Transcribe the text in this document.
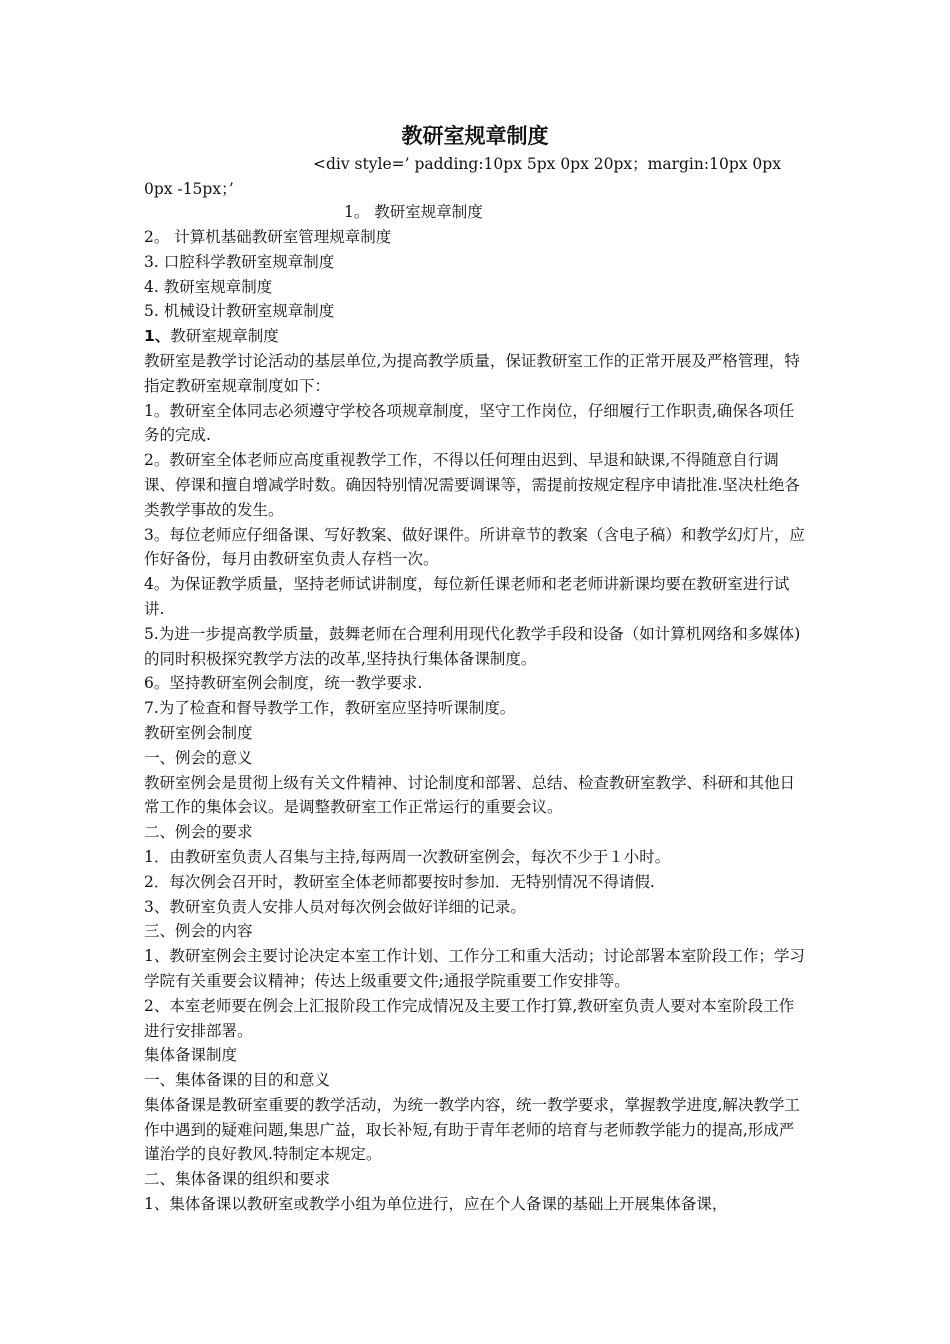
教研室规章制度
<div style=’ padding:10px 5px 0px 20px；margin:10px 0px
0px -15px；’
1。 教研室规章制度

2。 计算机基础教研室管理规章制度

3. 口腔科学教研室规章制度

4. 教研室规章制度

5. 机械设计教研室规章制度

1、教研室规章制度

教研室是教学讨论活动的基层单位,为提高教学质量，保证教研室工作的正常开展及严格管理，特指定教研室规章制度如下：

1。教研室全体同志必须遵守学校各项规章制度，坚守工作岗位，仔细履行工作职责,确保各项任务的完成.

2。教研室全体老师应高度重视教学工作，不得以任何理由迟到、早退和缺课,不得随意自行调课、停课和擅自增减学时数。确因特别情况需要调课等，需提前按规定程序申请批准.坚决杜绝各类教学事故的发生。

3。每位老师应仔细备课、写好教案、做好课件。所讲章节的教案（含电子稿）和教学幻灯片，应作好备份，每月由教研室负责人存档一次。

4。为保证教学质量，坚持老师试讲制度，每位新任课老师和老老师讲新课均要在教研室进行试讲.

5.为进一步提高教学质量，鼓舞老师在合理利用现代化教学手段和设备（如计算机网络和多媒体)的同时积极探究教学方法的改革,坚持执行集体备课制度。

6。坚持教研室例会制度，统一教学要求.

7.为了检查和督导教学工作，教研室应坚持听课制度。

教研室例会制度

一、例会的意义

教研室例会是贯彻上级有关文件精神、讨论制度和部署、总结、检查教研室教学、科研和其他日常工作的集体会议。是调整教研室工作正常运行的重要会议。

二、例会的要求

1．由教研室负责人召集与主持,每两周一次教研室例会，每次不少于１小时。

2．每次例会召开时，教研室全体老师都要按时参加．无特别情况不得请假.

3、教研室负责人安排人员对每次例会做好详细的记录。

三、例会的内容

1、教研室例会主要讨论决定本室工作计划、工作分工和重大活动；讨论部署本室阶段工作；学习学院有关重要会议精神；传达上级重要文件;通报学院重要工作安排等。

2、本室老师要在例会上汇报阶段工作完成情况及主要工作打算,教研室负责人要对本室阶段工作进行安排部署。

集体备课制度

一、集体备课的目的和意义

集体备课是教研室重要的教学活动，为统一教学内容，统一教学要求，掌握教学进度,解决教学工作中遇到的疑难问题,集思广益，取长补短,有助于青年老师的培育与老师教学能力的提高,形成严谨治学的良好教风.特制定本规定。

二、集体备课的组织和要求

1、集体备课以教研室或教学小组为单位进行，应在个人备课的基础上开展集体备课，
